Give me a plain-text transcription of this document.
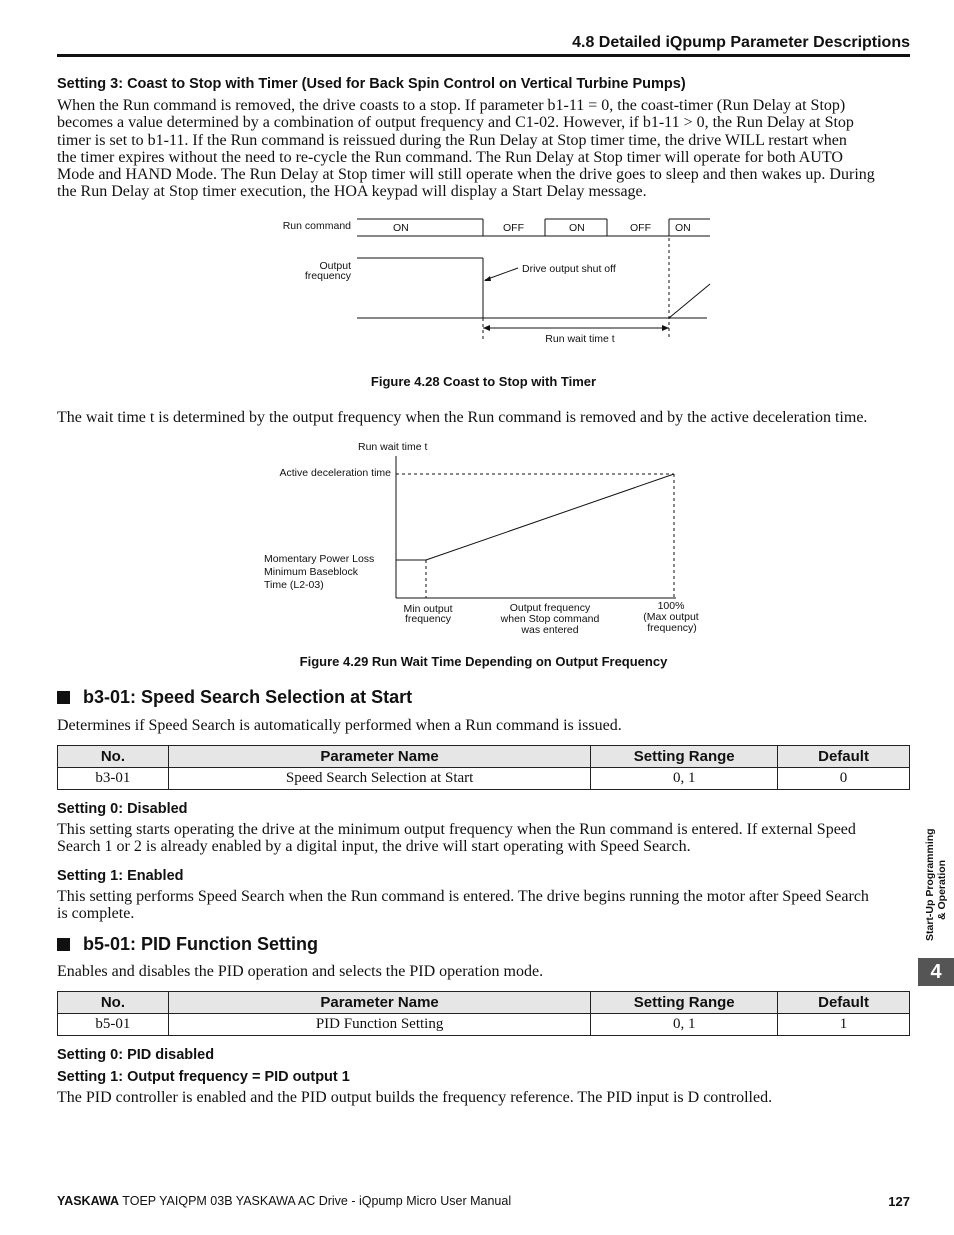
4.8 Detailed iQpump Parameter Descriptions
Setting 3: Coast to Stop with Timer (Used for Back Spin Control on Vertical Turbine Pumps)
When the Run command is removed, the drive coasts to a stop. If parameter b1-11 = 0, the coast-timer (Run Delay at Stop)
becomes a value determined by a combination of output frequency and C1-02. However, if b1-11 > 0, the Run Delay at Stop
timer is set to b1-11. If the Run command is reissued during the Run Delay at Stop timer time, the drive WILL restart when
the timer expires without the need to re-cycle the Run command. The Run Delay at Stop timer will operate for both AUTO
Mode and HAND Mode. The Run Delay at Stop timer will still operate when the drive goes to sleep and then wakes up. During
the Run Delay at Stop timer execution, the HOA keypad will display a Start Delay message.
Run command
Output
frequency
ON	OFF	ON	OFF ON
Drive output shut off
Run wait time t
Figure 4.28 Coast to Stop with Timer
The wait time t is determined by the output frequency when the Run command is removed and by the active deceleration time.
Run wait time t
Active deceleration time
Momentary Power Loss
Minimum Baseblock
Time (L2-03)
Min output
frequency
Output frequency
when Stop command
was entered
100%
(Max output
frequency)
Figure 4.29 Run Wait Time Depending on Output Frequency
b3-01: Speed Search Selection at Start
Determines if Speed Search is automatically performed when a Run command is issued.
No.	Parameter Name	Setting Range	Default
b3-01	Speed Search Selection at Start	0, 1	0
Setting 0: Disabled
This setting starts operating the drive at the minimum output frequency when the Run command is entered. If external Speed
Search 1 or 2 is already enabled by a digital input, the drive will start operating with Speed Search.
Setting 1: Enabled
This setting performs Speed Search when the Run command is entered. The drive begins running the motor after Speed Search
is complete.
b5-01: PID Function Setting
Enables and disables the PID operation and selects the PID operation mode.
No.	Parameter Name	Setting Range	Default
b5-01	PID Function Setting	0, 1	1
Setting 0: PID disabled
Setting 1: Output frequency = PID output 1
The PID controller is enabled and the PID output builds the frequency reference. The PID input is D controlled.
Start-Up Programming & Operation
4
YASKAWA TOEP YAIQPM 03B YASKAWA AC Drive - iQpump Micro User Manual	127
